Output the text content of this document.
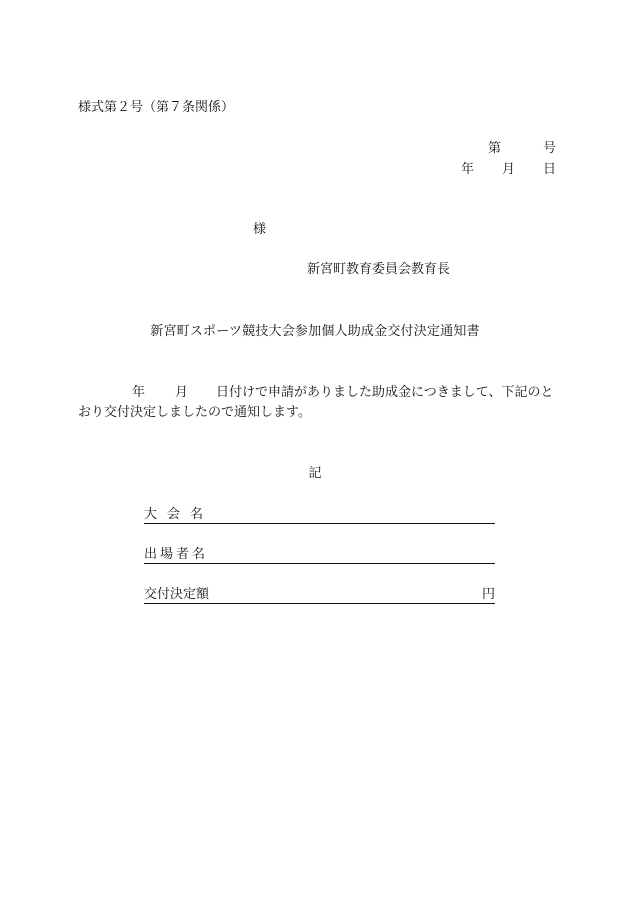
様式第２号（第７条関係）
第	号
年 月 日
様
新宮町教育委員会教育長
新宮町スポーツ競技大会参加個人助成金交付決定通知書
年 月 日付けで申請がありました助成金につきまして、下記のとおり交付決定しましたので通知します。
記
大会名
出場者名
交付決定額	円
